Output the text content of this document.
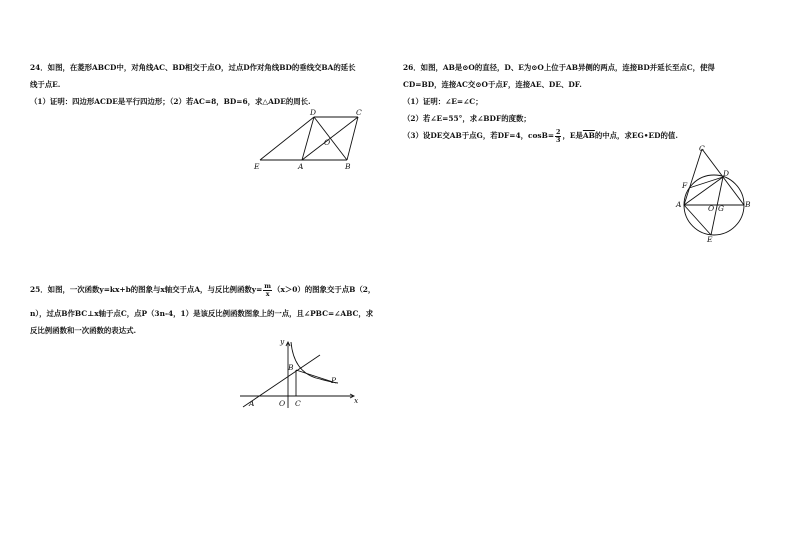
24．如图，在菱形ABCD中，对角线AC、BD相交于点O，过点D作对角线BD的垂线交BA的延长
线于点E.
（1）证明：四边形ACDE是平行四边形；（2）若AC=8，BD=6，求△ADE的周长.
E	A	B
D	C
O
25．如图，一次函数y=kx+b的图象与x轴交于点A，与反比例函数$y= \frac{m}{x} (x>0)$的图象交于点B（2，
n），过点B作BC⊥x轴于点C，点P（3n-4，1）是该反比例函数图象上的一点，且∠PBC=∠ABC，求
反比例函数和一次函数的表达式.
y
x
A	O C
B
P
26．如图，AB是⊙O的直径，D、E为⊙O上位于AB异侧的两点，连接BD并延长至点C，使得
CD=BD，连接AC交⊙O于点F，连接AE、DE、DF.
（1）证明：∠E=∠C；
（2）若∠E=55°，求∠BDF的度数；
（3）设DE交AB于点G，若DF=4，$\cos B= \frac{2}{3}$ ，E是$\overline{AB}$的中点，求EG•ED的值.
C
D
F
A	O G	B
E
